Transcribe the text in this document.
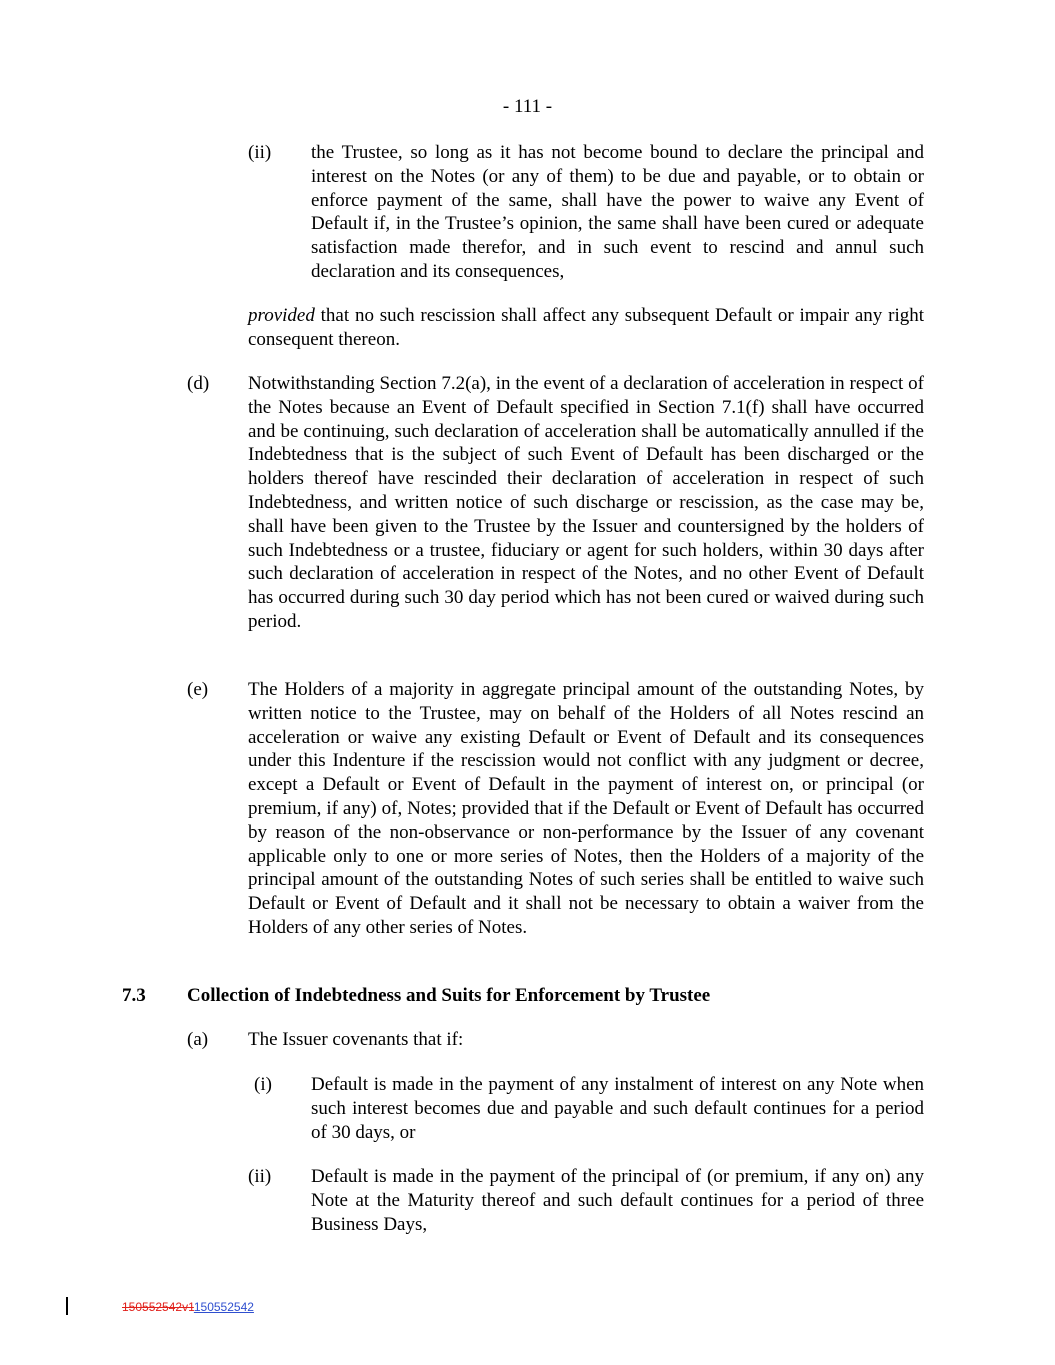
- 111 -
(ii) the Trustee, so long as it has not become bound to declare the principal and interest on the Notes (or any of them) to be due and payable, or to obtain or enforce payment of the same, shall have the power to waive any Event of Default if, in the Trustee’s opinion, the same shall have been cured or adequate satisfaction made therefor, and in such event to rescind and annul such declaration and its consequences,

provided that no such rescission shall affect any subsequent Default or impair any right consequent thereon.

(d) Notwithstanding Section 7.2(a), in the event of a declaration of acceleration in respect of the Notes because an Event of Default specified in Section 7.1(f) shall have occurred and be continuing, such declaration of acceleration shall be automatically annulled if the Indebtedness that is the subject of such Event of Default has been discharged or the holders thereof have rescinded their declaration of acceleration in respect of such Indebtedness, and written notice of such discharge or rescission, as the case may be, shall have been given to the Trustee by the Issuer and countersigned by the holders of such Indebtedness or a trustee, fiduciary or agent for such holders, within 30 days after such declaration of acceleration in respect of the Notes, and no other Event of Default has occurred during such 30 day period which has not been cured or waived during such period.

(e) The Holders of a majority in aggregate principal amount of the outstanding Notes, by written notice to the Trustee, may on behalf of the Holders of all Notes rescind an acceleration or waive any existing Default or Event of Default and its consequences under this Indenture if the rescission would not conflict with any judgment or decree, except a Default or Event of Default in the payment of interest on, or principal (or premium, if any) of, Notes; provided that if the Default or Event of Default has occurred by reason of the non-observance or non-performance by the Issuer of any covenant applicable only to one or more series of Notes, then the Holders of a majority of the principal amount of the outstanding Notes of such series shall be entitled to waive such Default or Event of Default and it shall not be necessary to obtain a waiver from the Holders of any other series of Notes.

7.3 Collection of Indebtedness and Suits for Enforcement by Trustee
(a) The Issuer covenants that if:

(i) Default is made in the payment of any instalment of interest on any Note when such interest becomes due and payable and such default continues for a period of 30 days, or

(ii) Default is made in the payment of the principal of (or premium, if any on) any Note at the Maturity thereof and such default continues for a period of three Business Days,

150552542v1150552542
